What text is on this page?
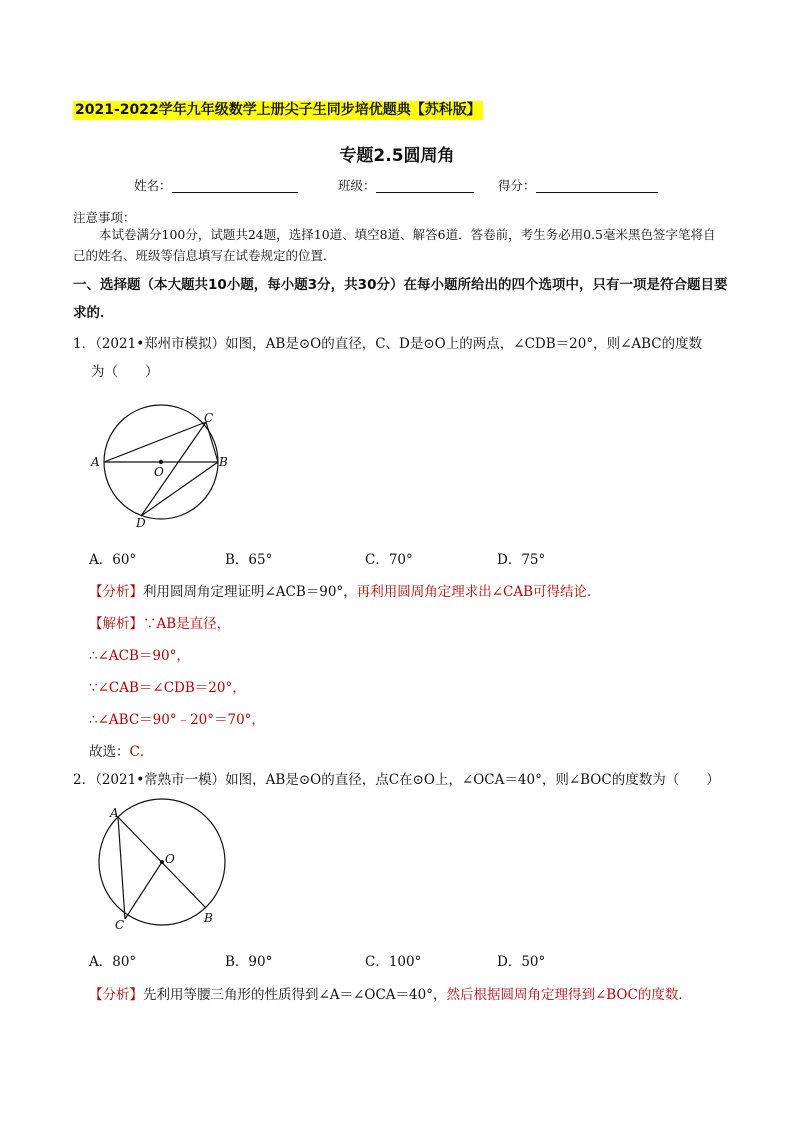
2021-2022学年九年级数学上册尖子生同步培优题典【苏科版】
专题2.5圆周角
姓名：	班级：	得分：
注意事项：
本试卷满分100分，试题共24题，选择10道、填空8道、解答6道．答卷前，考生务必用0.5毫米黑色签字笔将自己的姓名、班级等信息填写在试卷规定的位置．
一、选择题（本大题共10小题，每小题3分，共30分）在每小题所给出的四个选项中，只有一项是符合题目要求的．
1．（2021•郑州市模拟）如图，AB是⊙O的直径，C、D是⊙O上的两点，∠CDB＝20°，则∠ABC的度数
为（　　）
A	B
C
D
O
A．60°	B．65°	C．70°	D．75°
【分析】利用圆周角定理证明∠ACB＝90°，再利用圆周角定理求出∠CAB可得结论．
【解析】∵AB是直径，
∴∠ACB＝90°，
∵∠CAB＝∠CDB＝20°，
∴∠ABC＝90°﹣20°＝70°，
故选：C．
2．（2021•常熟市一模）如图，AB是⊙O的直径，点C在⊙O上，∠OCA＝40°，则∠BOC的度数为（　　）
A
B
C
O
A．80°	B．90°	C．100°	D．50°
【分析】先利用等腰三角形的性质得到∠A＝∠OCA＝40°，然后根据圆周角定理得到∠BOC的度数．
